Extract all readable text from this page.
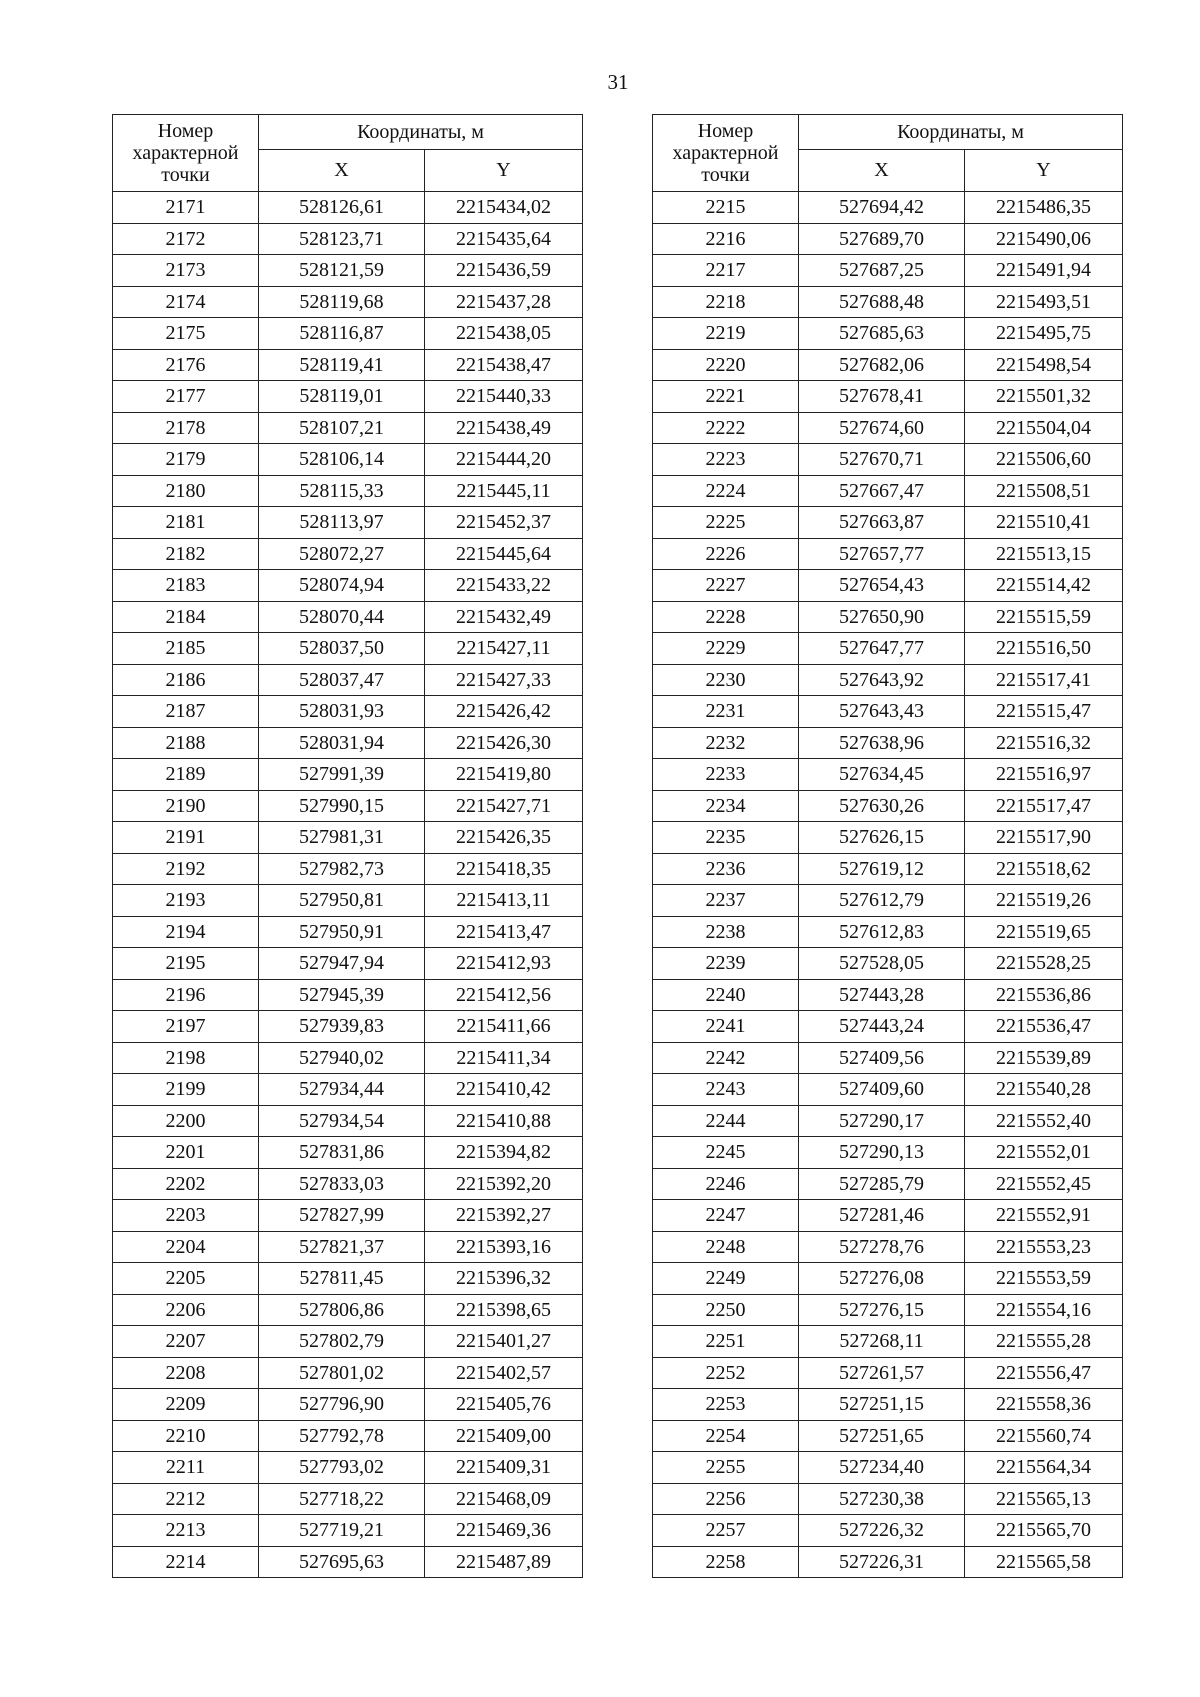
31
Номер характерной точки	Координаты, м	
	X	Y
2171	528126,61	2215434,02
2172	528123,71	2215435,64
2173	528121,59	2215436,59
2174	528119,68	2215437,28
2175	528116,87	2215438,05
2176	528119,41	2215438,47
2177	528119,01	2215440,33
2178	528107,21	2215438,49
2179	528106,14	2215444,20
2180	528115,33	2215445,11
2181	528113,97	2215452,37
2182	528072,27	2215445,64
2183	528074,94	2215433,22
2184	528070,44	2215432,49
2185	528037,50	2215427,11
2186	528037,47	2215427,33
2187	528031,93	2215426,42
2188	528031,94	2215426,30
2189	527991,39	2215419,80
2190	527990,15	2215427,71
2191	527981,31	2215426,35
2192	527982,73	2215418,35
2193	527950,81	2215413,11
2194	527950,91	2215413,47
2195	527947,94	2215412,93
2196	527945,39	2215412,56
2197	527939,83	2215411,66
2198	527940,02	2215411,34
2199	527934,44	2215410,42
2200	527934,54	2215410,88
2201	527831,86	2215394,82
2202	527833,03	2215392,20
2203	527827,99	2215392,27
2204	527821,37	2215393,16
2205	527811,45	2215396,32
2206	527806,86	2215398,65
2207	527802,79	2215401,27
2208	527801,02	2215402,57
2209	527796,90	2215405,76
2210	527792,78	2215409,00
2211	527793,02	2215409,31
2212	527718,22	2215468,09
2213	527719,21	2215469,36
2214	527695,63	2215487,89
Номер характерной точки	Координаты, м	
	X	Y
2215	527694,42	2215486,35
2216	527689,70	2215490,06
2217	527687,25	2215491,94
2218	527688,48	2215493,51
2219	527685,63	2215495,75
2220	527682,06	2215498,54
2221	527678,41	2215501,32
2222	527674,60	2215504,04
2223	527670,71	2215506,60
2224	527667,47	2215508,51
2225	527663,87	2215510,41
2226	527657,77	2215513,15
2227	527654,43	2215514,42
2228	527650,90	2215515,59
2229	527647,77	2215516,50
2230	527643,92	2215517,41
2231	527643,43	2215515,47
2232	527638,96	2215516,32
2233	527634,45	2215516,97
2234	527630,26	2215517,47
2235	527626,15	2215517,90
2236	527619,12	2215518,62
2237	527612,79	2215519,26
2238	527612,83	2215519,65
2239	527528,05	2215528,25
2240	527443,28	2215536,86
2241	527443,24	2215536,47
2242	527409,56	2215539,89
2243	527409,60	2215540,28
2244	527290,17	2215552,40
2245	527290,13	2215552,01
2246	527285,79	2215552,45
2247	527281,46	2215552,91
2248	527278,76	2215553,23
2249	527276,08	2215553,59
2250	527276,15	2215554,16
2251	527268,11	2215555,28
2252	527261,57	2215556,47
2253	527251,15	2215558,36
2254	527251,65	2215560,74
2255	527234,40	2215564,34
2256	527230,38	2215565,13
2257	527226,32	2215565,70
2258	527226,31	2215565,58
